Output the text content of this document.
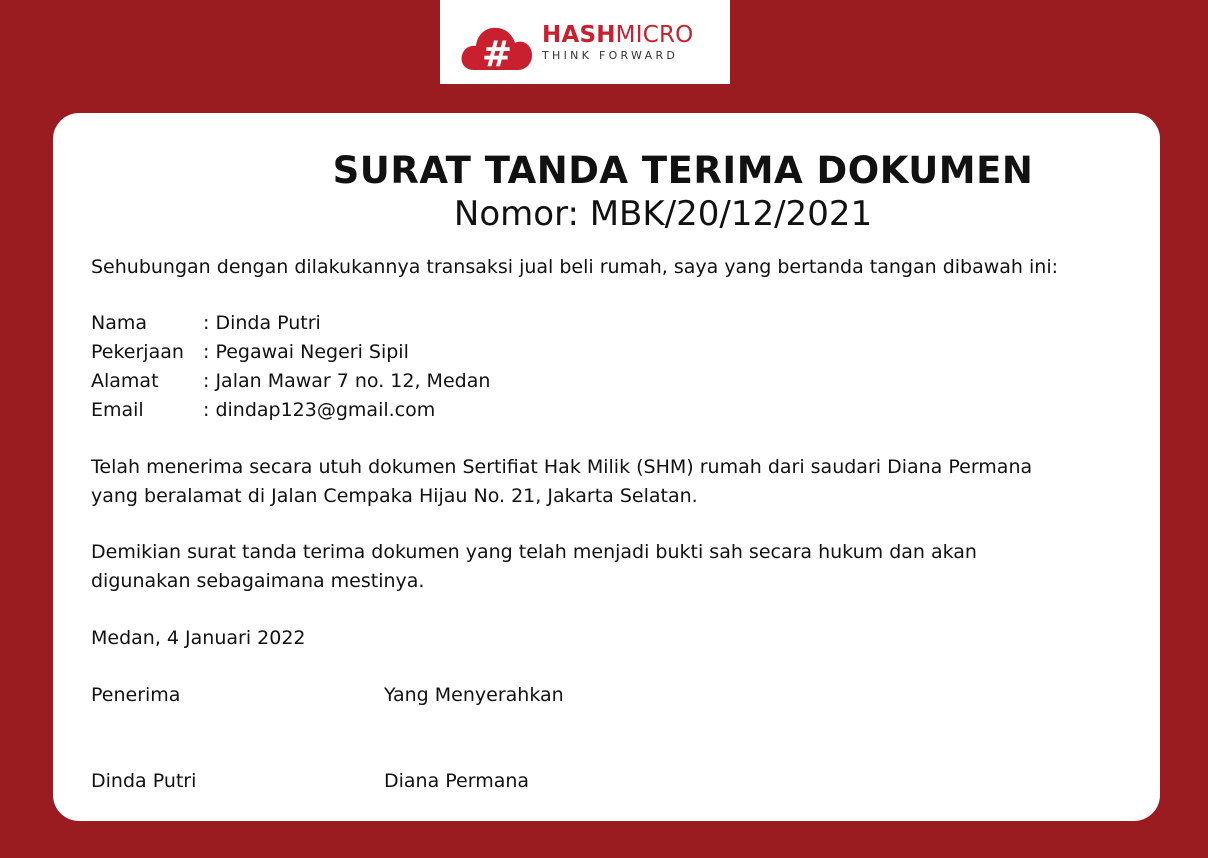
# HASHMICRO
THINK FORWARD
SURAT TANDA TERIMA DOKUMEN
Nomor: MBK/20/12/2021
Sehubungan dengan dilakukannya transaksi jual beli rumah, saya yang bertanda tangan dibawah ini:
Nama	: Dinda Putri
Pekerjaan : Pegawai Negeri Sipil
Alamat : Jalan Mawar 7 no. 12, Medan
Email	: dindap123@gmail.com
Telah menerima secara utuh dokumen Sertifiat Hak Milik (SHM) rumah dari saudari Diana Permana
yang beralamat di Jalan Cempaka Hijau No. 21, Jakarta Selatan.
Demikian surat tanda terima dokumen yang telah menjadi bukti sah secara hukum dan akan
digunakan sebagaimana mestinya.
Medan, 4 Januari 2022
Penerima	Yang Menyerahkan
Dinda Putri	Diana Permana
